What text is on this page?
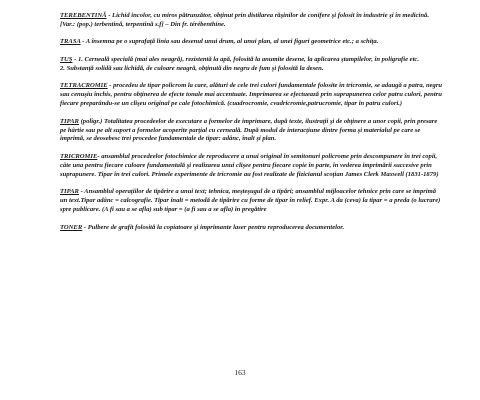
TEREBENTINĂ - Lichid incolor, cu miros pătrunzător, obţinut prin distilarea răşinilor de conifere şi folosit în industrie şi în medicină. [Var.: (pop.) terbentină, terpentină s.f] – Din fr. térébenthine.

TRASA - A însemna pe o suprafaţă linia sau desenul unui drum, al unui plan, al unei figuri geometrice etc.; a schiţa.

TUŞ - 1. Cerneală specială (mai ales neagră), rezistentă la apă, folosită la anumite desene, la aplicarea ştampilelor, în poligrafie etc.
2. Substanţă solidă sau lichidă, de culoare neagră, obţinută din negru de fum şi folosită la desen.

TETRACROMIE - procedeu de tipar policrom la care, alături de cele trei culori fundamentale folosite în tricromie, se adaugă a patra, negru sau cenuşiu închis, pentru obţinerea de efecte tonale mai accentuate. Imprimarea se efectuează prin suprapunerea celor patru culori, pentru fiecare preparându-se un clişeu original pe cale fotochimică. (cuadrocromie, cvadricromie,patrucromie, tipar în patru culori.)

TIPAR (polîgr.) Totalitatea procedeelor de executare a formelor de imprimare, după texte, ilustraţii şi de obţinere a unor copii, prin presare pe hârtie sau pe alt suport a formelor acoperite parţial cu cerneală. După modul de interacţiune dintre forma şi materialul pe care se imprimă, se deosebesc trei procedee fundamentale de tipar: adânc, înalt şi plan.

TRICROMIE- ansamblul procedeelor fotochimice de reproducere a unui original în semitonuri policrome prin descompunere în trei copii, câte una pentru fiecare culoare fundamentală şi realizarea unui clişee pentru fiecare copie în parte, în vederea imprimării succesive prin suprapunere. Tipar în trei culori. Primele experimente de tricromie au fost realizate de fizicianul scoţian James Clerk Maxwell (1831-1879)

TIPAR - Ansamblul operaţiilor de tipărire a unui text; tehnica, meşteşugul de a tipări; ansamblul mijloacelor tehnice prin care se imprimă un text.Tipar adânc = calcografie. Tipar înalt = metodă de tipărire cu forme de tipar în relief. Expr. A da (ceva) la tipar = a preda (o lucrare) spre publicare. (A fi sau a se afla) sub tipar = (a fi sau a se afla) în pregătire

TONER - Pulbere de grafit folosită la copiatoare şi imprimante laser pentru reproducerea documentelor.

163
